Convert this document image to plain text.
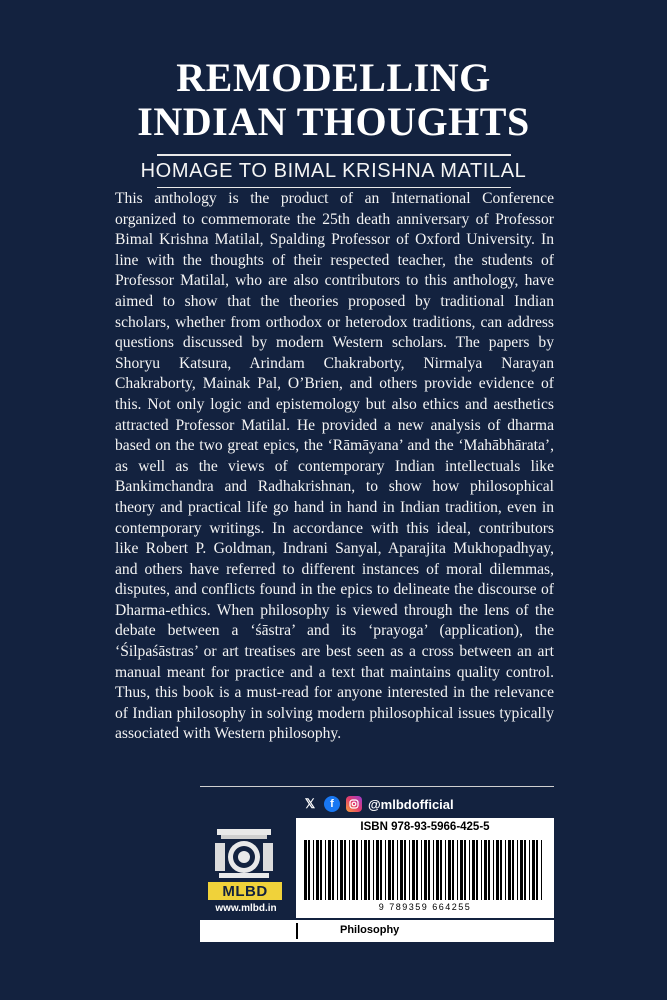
REMODELLING
INDIAN THOUGHTS
HOMAGE TO BIMAL KRISHNA MATILAL

This anthology is the product of an International Conference organized to commemorate the 25th death anniversary of Professor Bimal Krishna Matilal, Spalding Professor of Oxford University. In line with the thoughts of their respected teacher, the students of Professor Matilal, who are also contributors to this anthology, have aimed to show that the theories proposed by traditional Indian scholars, whether from orthodox or heterodox traditions, can address questions discussed by modern Western scholars. The papers by Shoryu Katsura, Arindam Chakraborty, Nirmalya Narayan Chakraborty, Mainak Pal, O’Brien, and others provide evidence of this. Not only logic and epistemology but also ethics and aesthetics attracted Professor Matilal. He provided a new analysis of dharma based on the two great epics, the ‘Rāmāyana’ and the ‘Mahābhārata’, as well as the views of contemporary Indian intellectuals like Bankimchandra and Radhakrishnan, to show how philosophical theory and practical life go hand in hand in Indian tradition, even in contemporary writings. In accordance with this ideal, contributors like Robert P. Goldman, Indrani Sanyal, Aparajita Mukhopadhyay, and others have referred to different instances of moral dilemmas, disputes, and conflicts found in the epics to delineate the discourse of Dharma-ethics. When philosophy is viewed through the lens of the debate between a ‘śāstra’ and its ‘prayoga’ (application), the ‘Śilpaśāstras’ or art treatises are best seen as a cross between an art manual meant for practice and a text that maintains quality control. Thus, this book is a must-read for anyone interested in the relevance of Indian philosophy in solving modern philosophical issues typically associated with Western philosophy.

𝕏	f	@mlbdofficial
MLBD
www.mlbd.in
ISBN 978-93-5966-425-5
9 789359 664255
Philosophy
